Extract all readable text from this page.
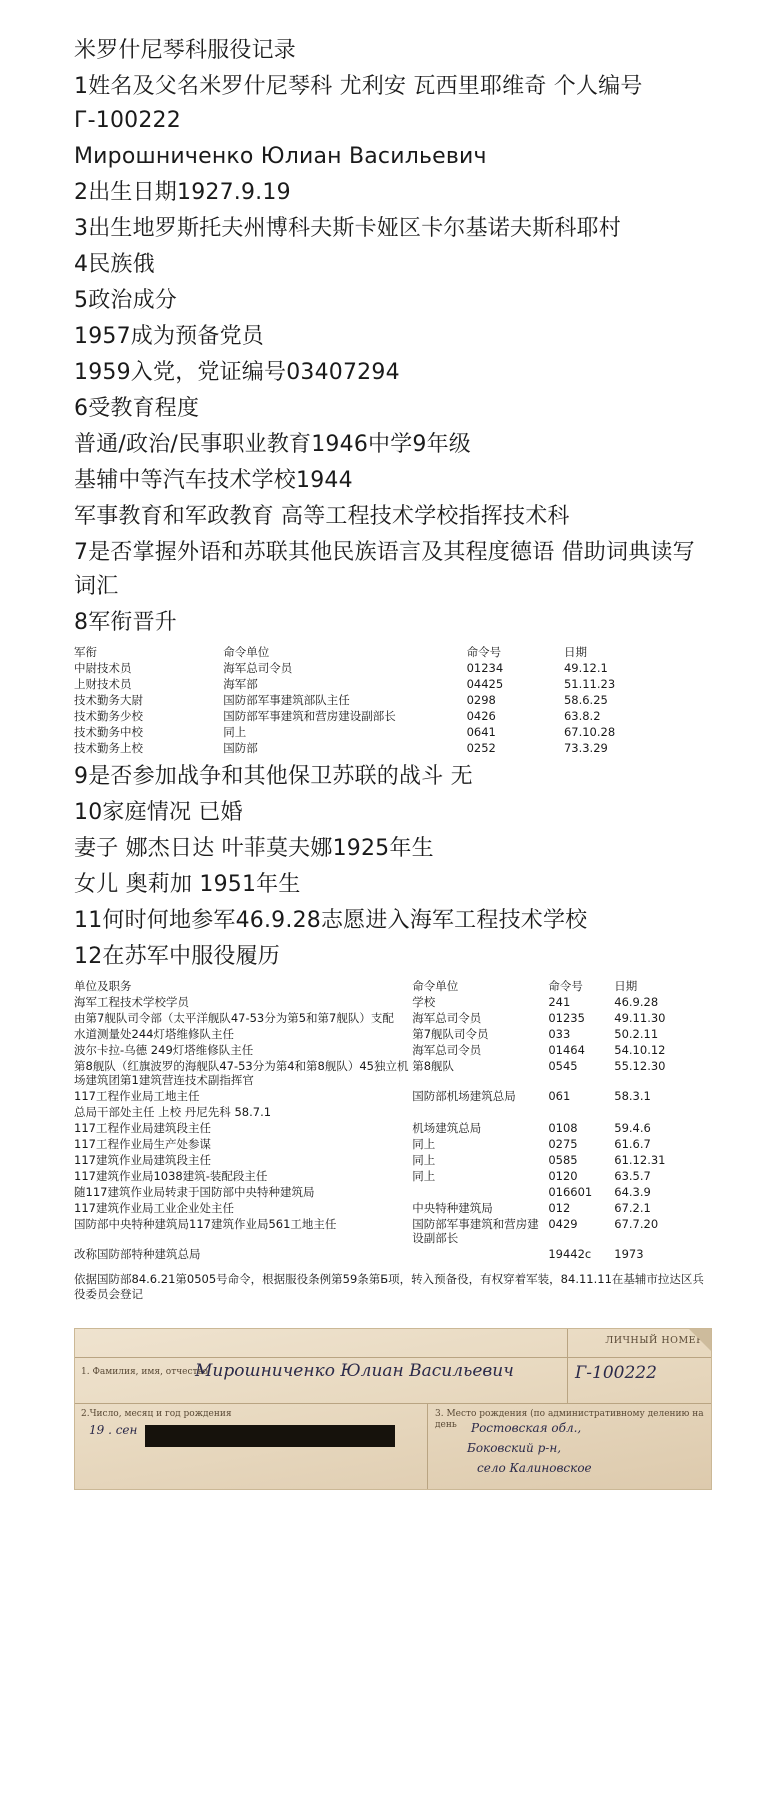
米罗什尼琴科服役记录
1姓名及父名米罗什尼琴科 尤利安 瓦西里耶维奇 个人编号 Г-100222
Мирошниченко Юлиан Васильевич
2出生日期1927.9.19
3出生地罗斯托夫州博科夫斯卡娅区卡尔基诺夫斯科耶村
4民族俄
5政治成分
1957成为预备党员
1959入党，党证编号03407294
6受教育程度
普通/政治/民事职业教育1946中学9年级
基辅中等汽车技术学校1944
军事教育和军政教育 高等工程技术学校指挥技术科
7是否掌握外语和苏联其他民族语言及其程度德语 借助词典读写词汇
8军衔晋升
军衔	命令单位	命令号	日期
中尉技术员	海军总司令员	01234	49.12.1
上财技术员	海军部	04425	51.11.23
技术勤务大尉	国防部军事建筑部队主任	0298	58.6.25
技术勤务少校	国防部军事建筑和营房建设副部长	0426	63.8.2
技术勤务中校	同上	0641	67.10.28
技术勤务上校	国防部	0252	73.3.29
9是否参加战争和其他保卫苏联的战斗 无
10家庭情况 已婚
妻子 娜杰日达 叶菲莫夫娜1925年生
女儿 奥莉加 1951年生
11何时何地参军46.9.28志愿进入海军工程技术学校
12在苏军中服役履历
单位及职务	命令单位	命令号	日期
海军工程技术学校学员	学校	241	46.9.28
由第7舰队司令部（太平洋舰队47-53分为第5和第7舰队）支配	海军总司令员	01235	49.11.30
水道测量处244灯塔维修队主任	第7舰队司令员	033	50.2.11
波尔卡拉-乌德 249灯塔维修队主任	海军总司令员	01464	54.10.12
第8舰队（红旗波罗的海舰队47-53分为第4和第8舰队）45独立机场建筑团第1建筑营连技术副指挥官	第8舰队	0545	55.12.30
117工程作业局工地主任	国防部机场建筑总局	061	58.3.1
总局干部处主任 上校 丹尼先科 58.7.1			
117工程作业局建筑段主任	机场建筑总局	0108	59.4.6
117工程作业局生产处参谋	同上	0275	61.6.7
117建筑作业局建筑段主任	同上	0585	61.12.31
117建筑作业局1038建筑-装配段主任	同上	0120	63.5.7
随117建筑作业局转隶于国防部中央特种建筑局		016601	64.3.9
117建筑作业局工业企业处主任	中央特种建筑局	012	67.2.1
国防部中央特种建筑局117建筑作业局561工地主任	国防部军事建筑和营房建设副部长	0429	67.7.20
改称国防部特种建筑总局		19442c	1973
依据国防部84.6.21第0505号命令，根据服役条例第59条第Б项，转入预备役，有权穿着军装，84.11.11在基辅市拉达区兵役委员会登记
ЛИЧНЫЙ НОМЕР
1. Фамилия, имя, отчество
Мирошниченко Юлиан Васильевич	Г-100222
2.Число, месяц и год рождения
19 . сен
3. Место рождения (по административному делению на день	Ростовская обл.,
Боковский р-н,
село Калиновское
